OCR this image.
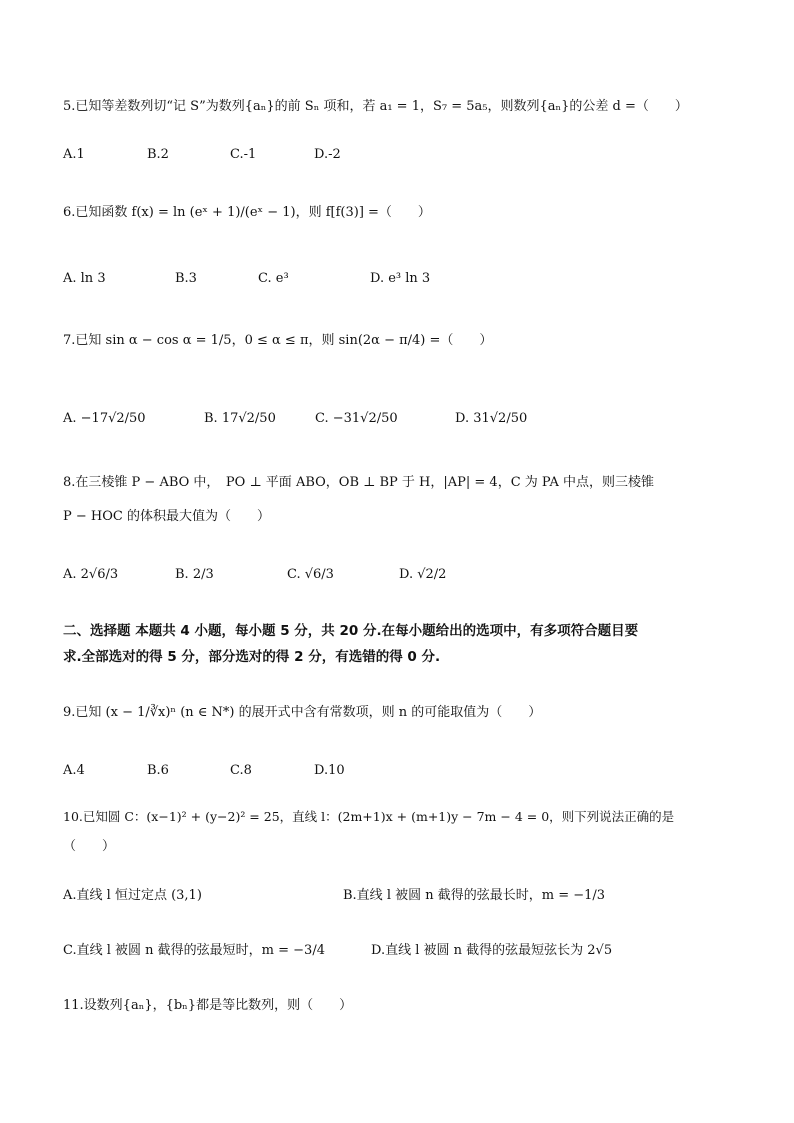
5.已知等差数列切“记 S”为数列{aₙ}的前 Sₙ 项和，若 a₁ = 1，S₇ = 5a₅，则数列{aₙ}的公差 d =（　　）
A.1	B.2	C.-1	D.-2
6.已知函数 f(x) = ln (eˣ + 1)/(eˣ − 1)，则 f[f(3)] =（　　）
A. ln 3	B.3	C. e³	D. e³ ln 3
7.已知 sin α − cos α = 1/5，0 ≤ α ≤ π，则 sin(2α − π/4) =（　　）
A. −17√2/50	B. 17√2/50	C. −31√2/50	D. 31√2/50
8.在三棱锥 P − ABO 中，　PO ⊥ 平面 ABO，OB ⊥ BP 于 H，|AP| = 4，C 为 PA 中点，则三棱锥
P − HOC 的体积最大值为（　　）
A. 2√6/3	B. 2/3	C. √6/3	D. √2/2
二、选择题 本题共 4 小题，每小题 5 分，共 20 分.在每小题给出的选项中，有多项符合题目要
求.全部选对的得 5 分，部分选对的得 2 分，有选错的得 0 分.
9.已知 (x − 1/∛x)ⁿ (n ∈ N*) 的展开式中含有常数项，则 n 的可能取值为（　　）
A.4	B.6	C.8	D.10
10.已知圆 C：(x−1)² + (y−2)² = 25，直线 l：(2m+1)x + (m+1)y − 7m − 4 = 0，则下列说法正确的是
（　　）
A.直线 l 恒过定点 (3,1)	B.直线 l 被圆 n 截得的弦最长时，m = −1/3
C.直线 l 被圆 n 截得的弦最短时，m = −3/4	D.直线 l 被圆 n 截得的弦最短弦长为 2√5
11.设数列{aₙ}，{bₙ}都是等比数列，则（　　）
